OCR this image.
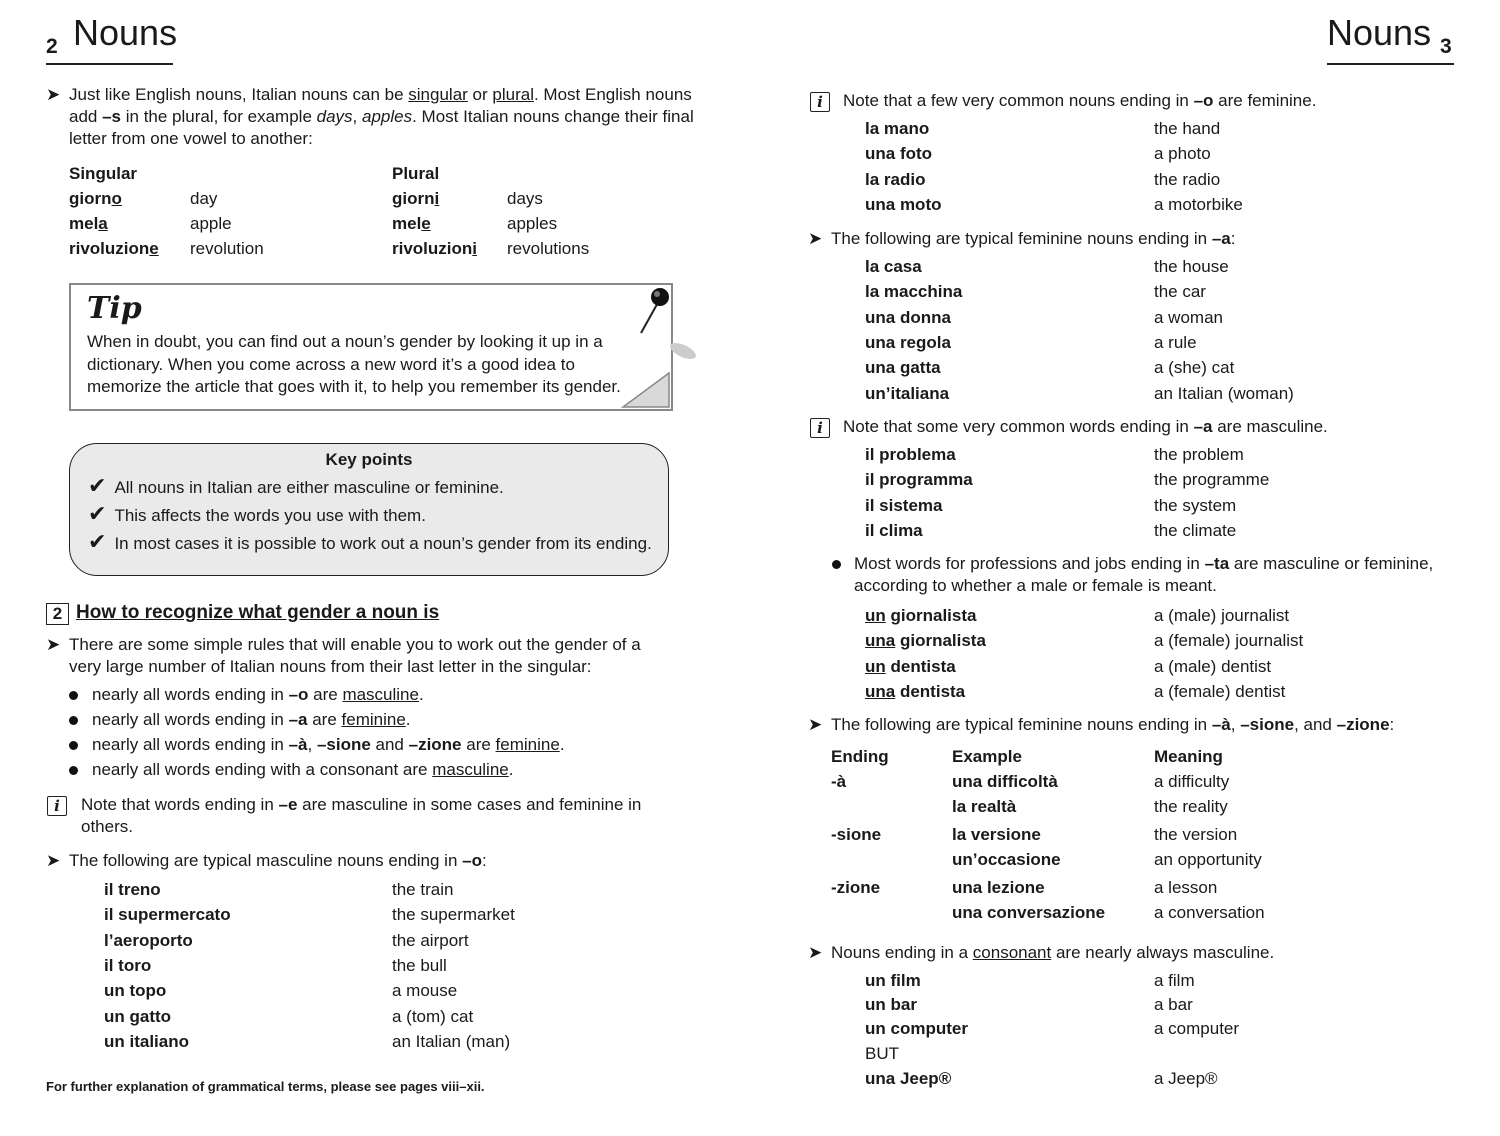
2 Nouns
➤ Just like English nouns, Italian nouns can be singular or plural. Most English nouns add –s in the plural, for example days, apples. Most Italian nouns change their final letter from one vowel to another:
Singular	Plural
giorno	day	giorni	days
mela	apple	mele	apples
rivoluzione revolution	rivoluzioni revolutions
Tip
When in doubt, you can find out a noun’s gender by looking it up in a dictionary. When you come across a new word it’s a good idea to memorize the article that goes with it, to help you remember its gender.
Key points
✔ All nouns in Italian are either masculine or feminine.
✔ This affects the words you use with them.
✔ In most cases it is possible to work out a noun’s gender from its ending.
2 How to recognize what gender a noun is
➤ There are some simple rules that will enable you to work out the gender of a very large number of Italian nouns from their last letter in the singular:
nearly all words ending in –o are masculine.
nearly all words ending in –a are feminine.
nearly all words ending in –à, –sione and –zione are feminine.
nearly all words ending with a consonant are masculine.
i	Note that words ending in –e are masculine in some cases and feminine in others.
➤ The following are typical masculine nouns ending in –o:
il treno	the train
il supermercato	the supermarket
l’aeroporto	the airport
il toro	the bull
un topo	a mouse
un gatto	a (tom) cat
un italiano	an Italian (man)
For further explanation of grammatical terms, please see pages viii–xii.
Nouns 3
i	Note that a few very common nouns ending in –o are feminine.
la mano	the hand
una foto	a photo
la radio	the radio
una moto	a motorbike
➤ The following are typical feminine nouns ending in –a:
la casa	the house
la macchina	the car
una donna	a woman
una regola	a rule
una gatta	a (she) cat
un’italiana	an Italian (woman)
i	Note that some very common words ending in –a are masculine.
il problema	the problem
il programma	the programme
il sistema	the system
il clima	the climate
Most words for professions and jobs ending in –ta are masculine or feminine, according to whether a male or female is meant.
un giornalista	a (male) journalist
una giornalista	a (female) journalist
un dentista	a (male) dentist
una dentista	a (female) dentist
➤ The following are typical feminine nouns ending in –à, –sione, and –zione:
Ending	Example	Meaning
-à	una difficoltà	a difficulty
la realtà	the reality
-sione	la versione	the version
un’occasione	an opportunity
-zione	una lezione	a lesson
una conversazione	a conversation
➤ Nouns ending in a consonant are nearly always masculine.
un film	a film
un bar	a bar
un computer	a computer
BUT
una Jeep®	a Jeep®
